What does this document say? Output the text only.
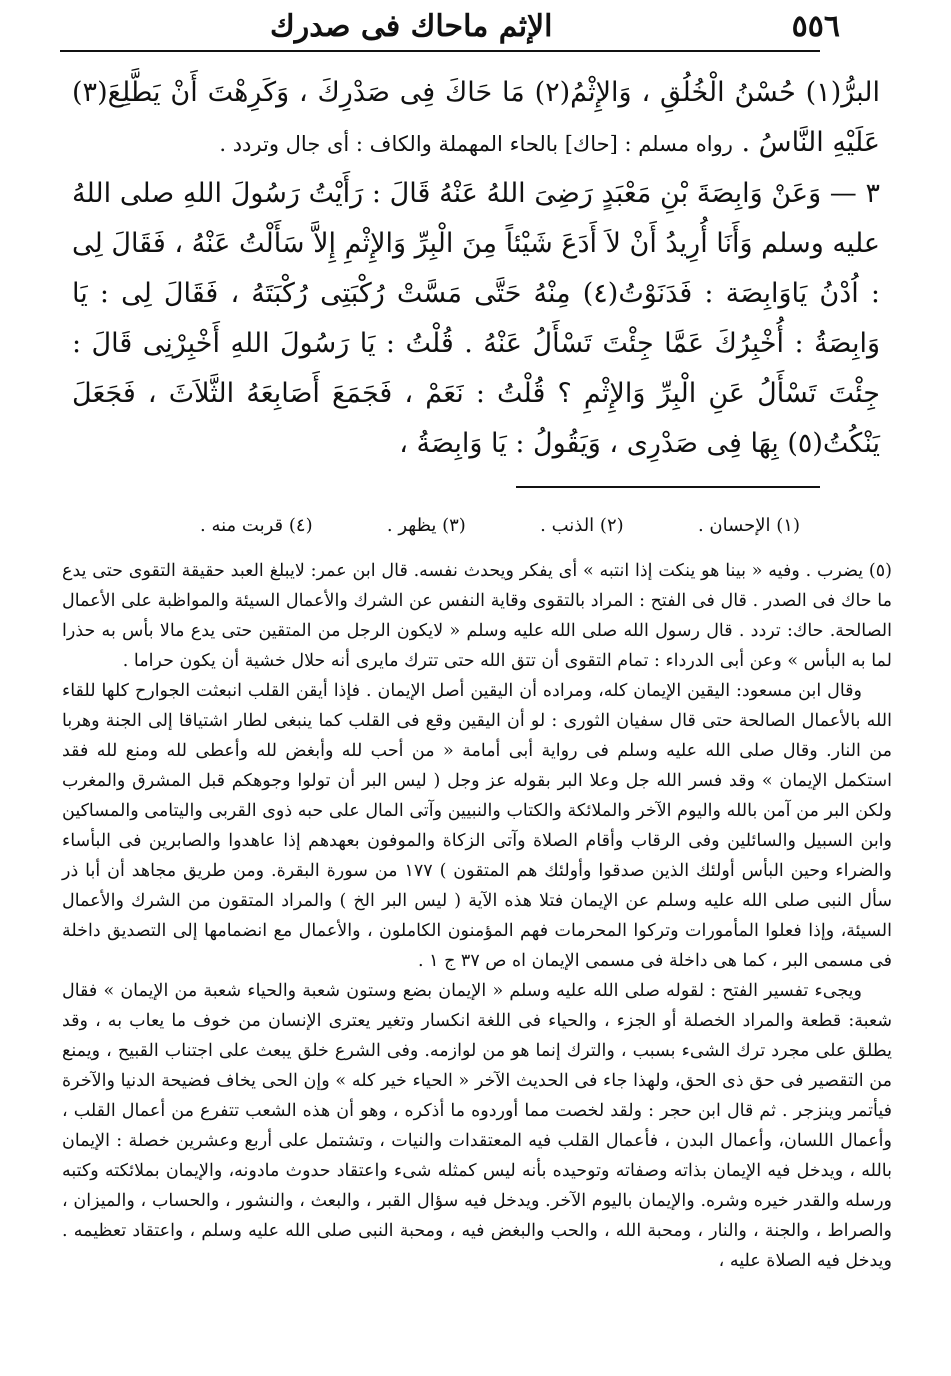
٥٥٦
الإثم ماحاك فى صدرك

البرُّ(١) حُسْنُ الْخُلُقِ ، وَالإِثْمُ(٢) مَا حَاكَ فِى صَدْرِكَ ، وَكَرِهْتَ أَنْ يَطَّلِعَ(٣) عَلَيْهِ النَّاسُ . رواه مسلم : [حاك] بالحاء المهملة والكاف : أى جال وتردد .

٣ — وَعَنْ وَابِصَةَ بْنِ مَعْبَدٍ رَضِىَ اللهُ عَنْهُ قَالَ : رَأَيْتُ رَسُولَ اللهِ صلى اللهُ عليه وسلم وَأَنَا أُرِيدُ أَنْ لاَ أَدَعَ شَيْئاً مِنَ الْبِرِّ وَالإِثْمِ إِلاَّ سَأَلْتُ عَنْهُ ، فَقَالَ لِى : اُدْنُ يَاوَابِصَة : فَدَنَوْتُ(٤) مِنْهُ حَتَّى مَسَّتْ رُكْبَتِى رُكْبَتَهُ ، فَقَالَ لِى : يَا وَابِصَةُ : أُخْبِرُكَ عَمَّا جِئْتَ تَسْأَلُ عَنْهُ . قُلْتُ : يَا رَسُولَ اللهِ أَخْبِرْنِى قَالَ : جِئْتَ تَسْأَلُ عَنِ الْبِرِّ وَالإِثْمِ ؟ قُلْتُ : نَعَمْ ، فَجَمَعَ أَصَابِعَهُ الثَّلاَثَ ، فَجَعَلَ يَنْكُتُ(٥) بِهَا فِى صَدْرِى ، وَيَقُولُ : يَا وَابِصَةُ ،

(١) الإحسان .
(٢) الذنب .
(٣) يظهر .
(٤) قربت منه .

(٥) يضرب . وفيه « بينا هو ينكت إذا انتبه » أى يفكر ويحدث نفسه. قال ابن عمر: لايبلغ العبد حقيقة التقوى حتى يدع ما حاك فى الصدر . قال فى الفتح : المراد بالتقوى وقاية النفس عن الشرك والأعمال السيئة والمواظبة على الأعمال الصالحة. حاك: تردد . قال رسول الله صلى الله عليه وسلم « لايكون الرجل من المتقين حتى يدع مالا بأس به حذرا لما به البأس » وعن أبى الدرداء : تمام التقوى أن تتق الله حتى تترك مايرى أنه حلال خشية أن يكون حراما .

وقال ابن مسعود: اليقين الإيمان كله، ومراده أن اليقين أصل الإيمان . فإذا أيقن القلب انبعثت الجوارح كلها للقاء الله بالأعمال الصالحة حتى قال سفيان الثورى : لو أن اليقين وقع فى القلب كما ينبغى لطار اشتياقا إلى الجنة وهربا من النار. وقال صلى الله عليه وسلم فى رواية أبى أمامة « من أحب لله وأبغض لله وأعطى لله ومنع لله فقد استكمل الإيمان » وقد فسر الله جل وعلا البر بقوله عز وجل ( ليس البر أن تولوا وجوهكم قبل المشرق والمغرب ولكن البر من آمن بالله واليوم الآخر والملائكة والكتاب والنبيين وآتى المال على حبه ذوى القربى واليتامى والمساكين وابن السبيل والسائلين وفى الرقاب وأقام الصلاة وآتى الزكاة والموفون بعهدهم إذا عاهدوا والصابرين فى البأساء والضراء وحين البأس أولئك الذين صدقوا وأولئك هم المتقون ) ١٧٧ من سورة البقرة. ومن طريق مجاهد أن أبا ذر سأل النبى صلى الله عليه وسلم عن الإيمان فتلا هذه الآية ( ليس البر الخ ) والمراد المتقون من الشرك والأعمال السيئة، وإذا فعلوا المأمورات وتركوا المحرمات فهم المؤمنون الكاملون ، والأعمال مع انضمامها إلى التصديق داخلة فى مسمى البر ، كما هى داخلة فى مسمى الإيمان اه ص ٣٧ ج ١ .

ويجىء تفسير الفتح : لقوله صلى الله عليه وسلم « الإيمان بضع وستون شعبة والحياء شعبة من الإيمان » فقال شعبة: قطعة والمراد الخصلة أو الجزء ، والحياء فى اللغة انكسار وتغير يعترى الإنسان من خوف ما يعاب به ، وقد يطلق على مجرد ترك الشىء بسبب ، والترك إنما هو من لوازمه. وفى الشرع خلق يبعث على اجتناب القبيح ، ويمنع من التقصير فى حق ذى الحق، ولهذا جاء فى الحديث الآخر « الحياء خير كله » وإن الحى يخاف فضيحة الدنيا والآخرة فيأتمر وينزجر . ثم قال ابن حجر : ولقد لخصت مما أوردوه ما أذكره ، وهو أن هذه الشعب تتفرع من أعمال القلب ، وأعمال اللسان، وأعمال البدن ، فأعمال القلب فيه المعتقدات والنيات ، وتشتمل على أربع وعشرين خصلة : الإيمان بالله ، ويدخل فيه الإيمان بذاته وصفاته وتوحيده بأنه ليس كمثله شىء واعتقاد حدوث مادونه، والإيمان بملائكته وكتبه ورسله والقدر خيره وشره. والإيمان باليوم الآخر. ويدخل فيه سؤال القبر ، والبعث ، والنشور ، والحساب ، والميزان ، والصراط ، والجنة ، والنار ، ومحبة الله ، والحب والبغض فيه ، ومحبة النبى صلى الله عليه وسلم ، واعتقاد تعظيمه . ويدخل فيه الصلاة عليه ،
